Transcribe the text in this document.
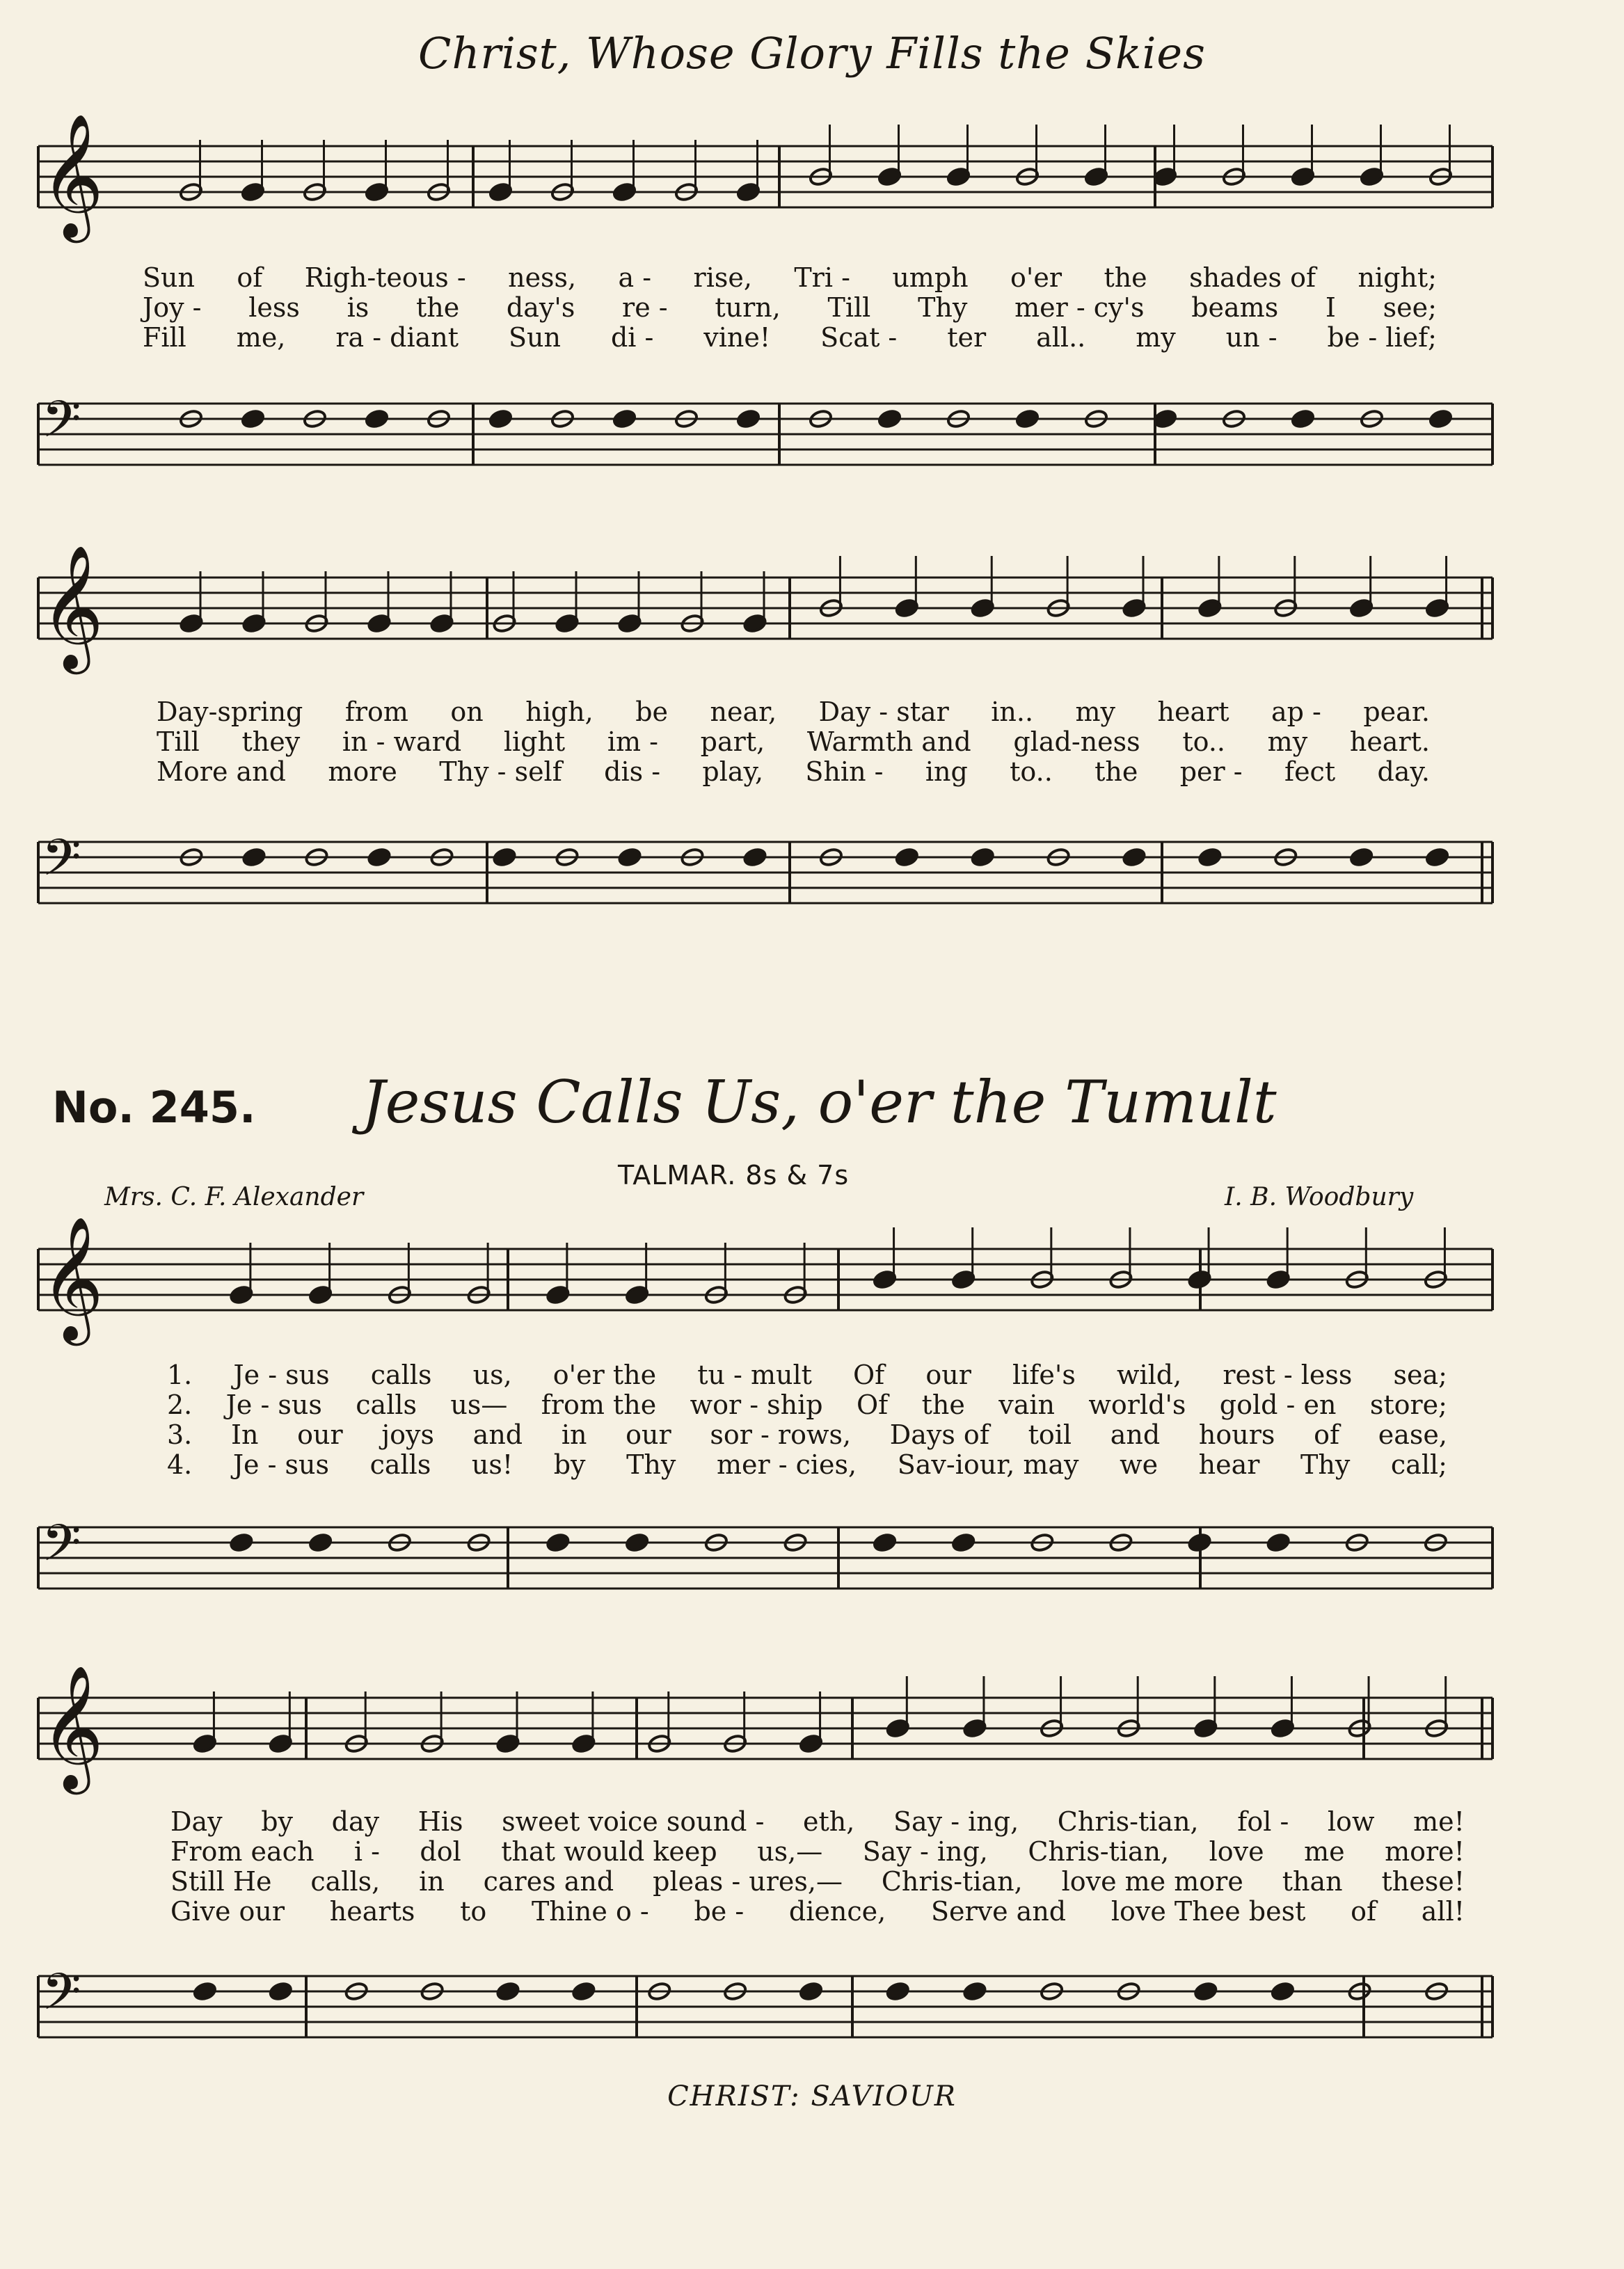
Christ, Whose Glory Fills the Skies
𝄞
𝄢
𝄞
𝄢
𝄞
𝄢
𝄞
𝄢
Sun of Righ-teous - ness, a - rise, Tri - umph o'er the shades of night;
Joy - less is the day's re - turn, Till Thy mer - cy's beams I see;
Fill me, ra - diant Sun di - vine! Scat - ter all.. my un - be - lief;
Day-spring from on high, be near, Day - star in.. my heart ap - pear.
Till they in - ward light im - part, Warmth and glad-ness to.. my heart.
More and more Thy - self dis - play, Shin - ing to.. the per - fect day.
No. 245. Jesus Calls Us, o'er the Tumult
TALMAR. 8s & 7s
Mrs. C. F. Alexander	I. B. Woodbury
1. Je - sus calls us, o'er the tu - mult Of our life's wild, rest - less sea;
2. Je - sus calls us— from the wor - ship Of the vain world's gold - en store;
3. In our joys and in our sor - rows, Days of toil and hours of ease,
4. Je - sus calls us! by Thy mer - cies, Sav-iour, may we hear Thy call;
Day by day His sweet voice sound - eth, Say - ing, Chris-tian, fol - low me!
From each i - dol that would keep us,— Say - ing, Chris-tian, love me more!
Still He calls, in cares and pleas - ures,— Chris-tian, love me more than these!
Give our hearts to Thine o - be - dience, Serve and love Thee best of all!
CHRIST: SAVIOUR
